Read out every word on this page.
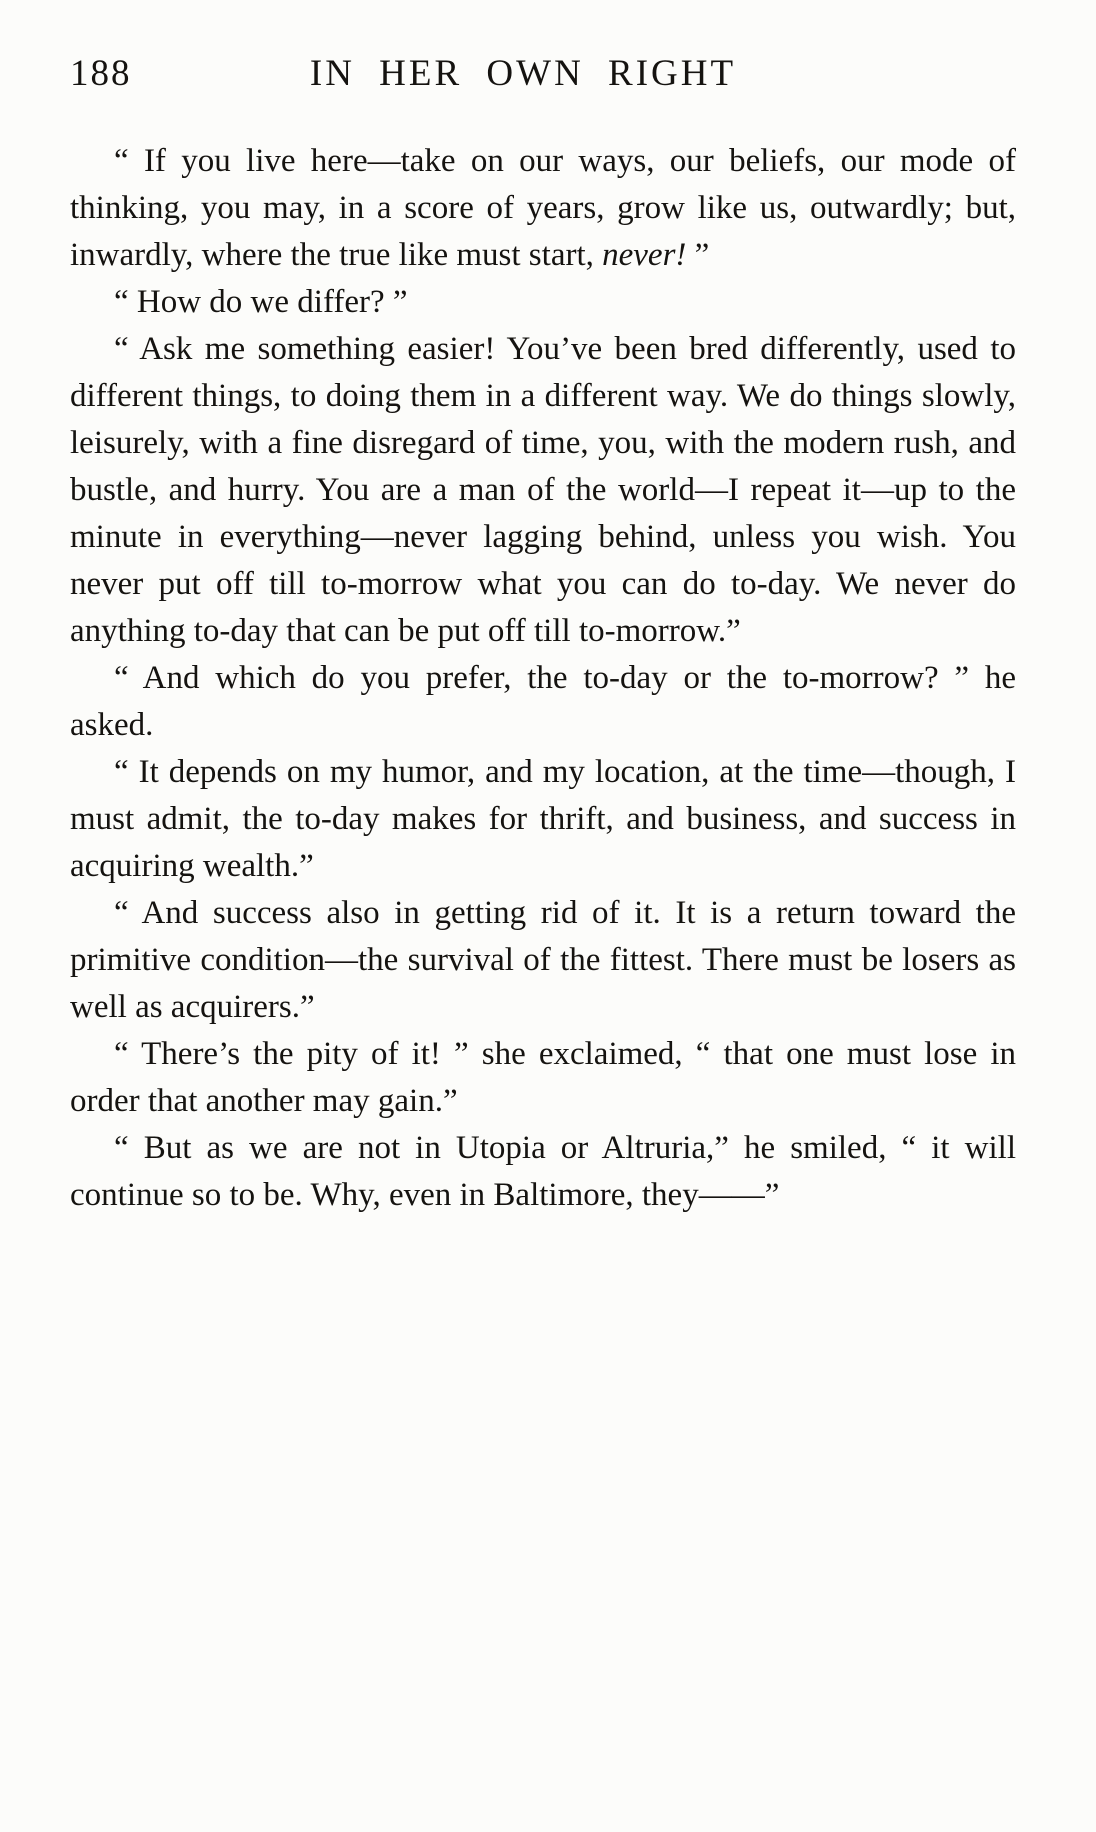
188	IN HER OWN RIGHT

“ If you live here—take on our ways, our beliefs, our mode of thinking, you may, in a score of years, grow like us, outwardly; but, inwardly, where the true like must start, never! ”

“ How do we differ? ”

“ Ask me something easier! You’ve been bred differently, used to different things, to doing them in a different way. We do things slowly, leisurely, with a fine disregard of time, you, with the modern rush, and bustle, and hurry. You are a man of the world—I repeat it—up to the minute in everything—never lagging behind, unless you wish. You never put off till to-morrow what you can do to-day. We never do anything to-day that can be put off till to-morrow.”

“ And which do you prefer, the to-day or the to-morrow? ” he asked.

“ It depends on my humor, and my location, at the time—though, I must admit, the to-day makes for thrift, and business, and success in acquiring wealth.”

“ And success also in getting rid of it. It is a return toward the primitive condition—the survival of the fittest. There must be losers as well as acquirers.”

“ There’s the pity of it! ” she exclaimed, “ that one must lose in order that another may gain.”

“ But as we are not in Utopia or Altruria,” he smiled, “ it will continue so to be. Why, even in Baltimore, they——”
